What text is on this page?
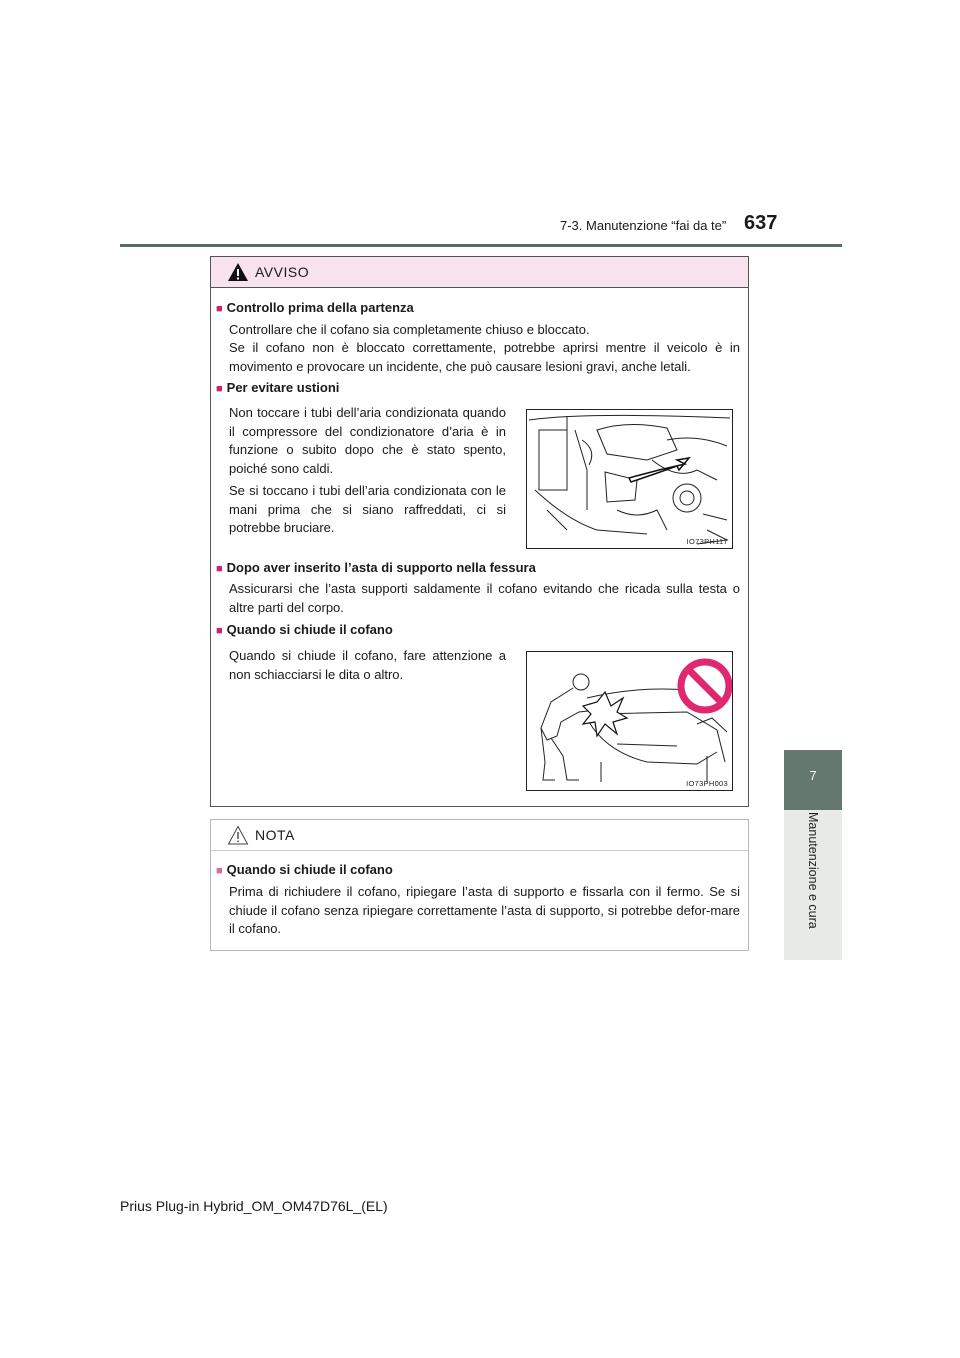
7-3. Manutenzione “fai da te” 637
7
Manutenzione e cura
AVVISO
■ Controllo prima della partenza
Controllare che il cofano sia completamente chiuso e bloccato.
Se il cofano non è bloccato correttamente, potrebbe aprirsi mentre il veicolo è in movimento e provocare un incidente, che può causare lesioni gravi, anche letali.
■ Per evitare ustioni
Non toccare i tubi dell’aria condizionata quando il compressore del condizionatore d’aria è in funzione o subito dopo che è stato spento, poiché sono caldi.
Se si toccano i tubi dell’aria condizionata con le mani prima che si siano raffreddati, ci si potrebbe bruciare.
IO73PH117
■ Dopo aver inserito l’asta di supporto nella fessura
Assicurarsi che l’asta supporti saldamente il cofano evitando che ricada sulla testa o altre parti del corpo.
■ Quando si chiude il cofano
Quando si chiude il cofano, fare attenzione a non schiacciarsi le dita o altro.
IO73PH003
NOTA
■ Quando si chiude il cofano
Prima di richiudere il cofano, ripiegare l’asta di supporto e fissarla con il fermo. Se si chiude il cofano senza ripiegare correttamente l’asta di supporto, si potrebbe defor-mare il cofano.
Prius Plug-in Hybrid_OM_OM47D76L_(EL)
